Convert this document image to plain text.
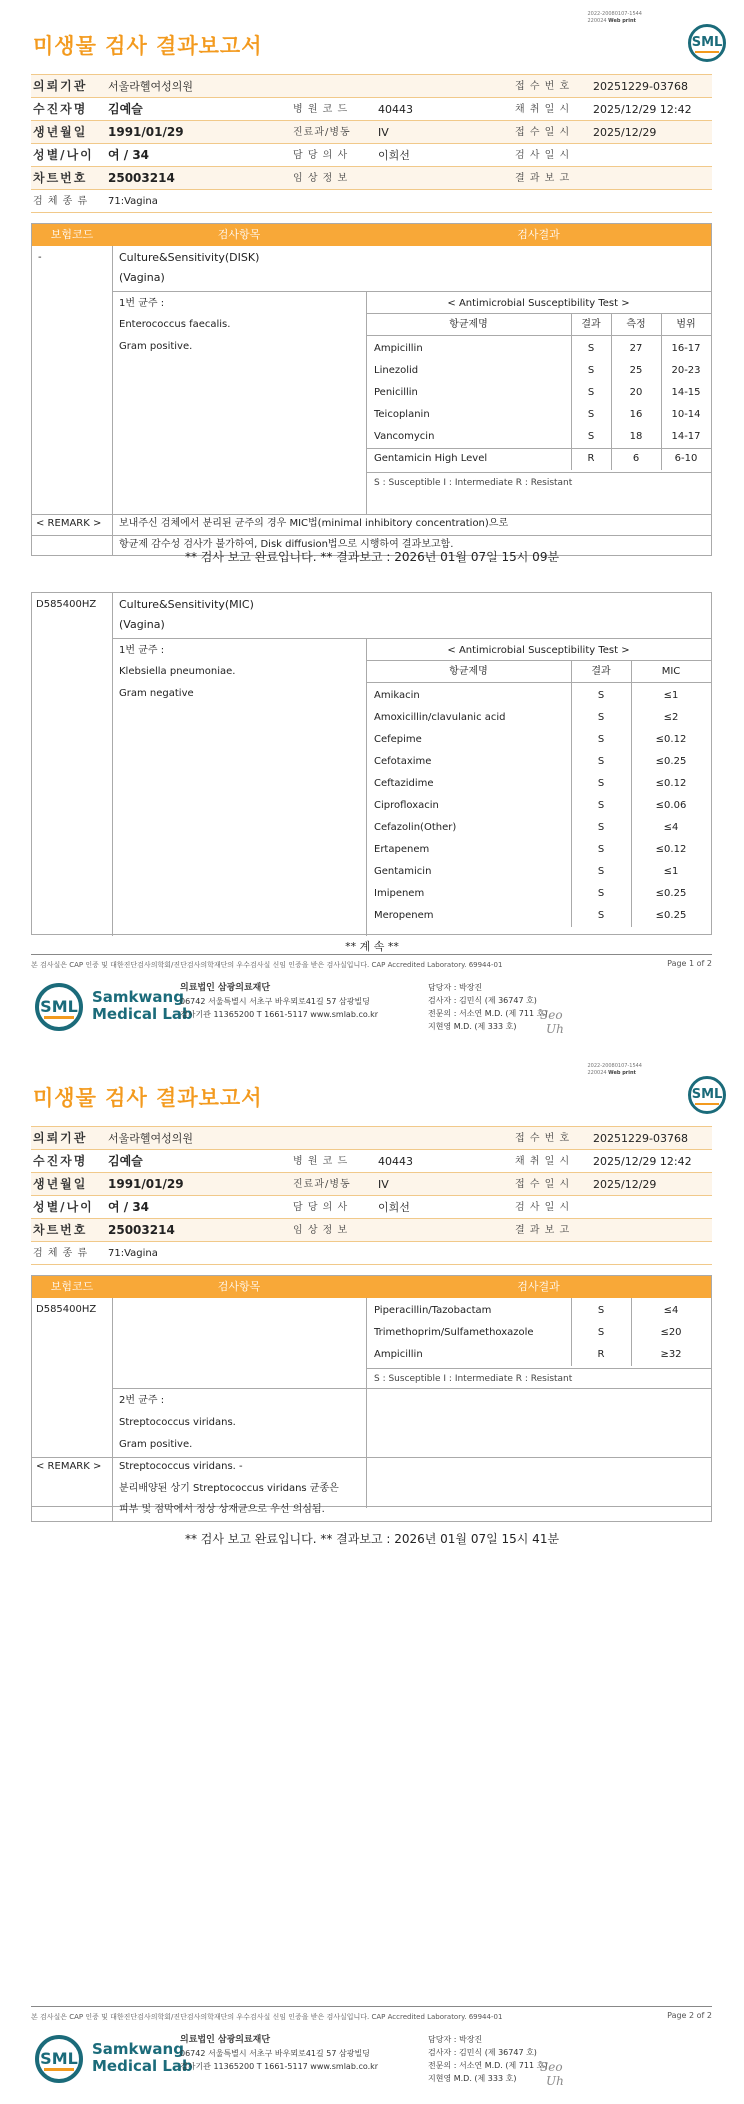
2022-20080107-1544
220024 Web print
미생물 검사 결과보고서	SML
의뢰기관 서울라헬여성의원	접 수 번 호 20251229-03768
수진자명 김예슬	병 원 코 드	40443	채 취 일 시 2025/12/29 12:42
생년월일 1991/01/29	진료과/병동 IV	접 수 일 시 2025/12/29
성별/나이 여 / 34	담 당 의 사	이희선	검 사 일 시
차트번호 25003214	임 상 정 보	결 과 보 고
검 체 종 류 71:Vagina
보험코드	검사항목	검사결과
-	Culture&Sensitivity(DISK)
(Vagina)
1번 균주 :
Enterococcus faecalis.
Gram positive.
< Antimicrobial Susceptibility Test >
항균제명	결과	측정	범위
Ampicillin	S	27	16-17
Linezolid	S	25	20-23
Penicillin	S	20	14-15
Teicoplanin	S	16	10-14
Vancomycin	S	18	14-17
Gentamicin High Level	R	6	6-10
S : Susceptible I : Intermediate R : Resistant
< REMARK > 보내주신 검체에서 분리된 균주의 경우 MIC법(minimal inhibitory concentration)으로
항균제 감수성 검사가 불가하여, Disk diffusion법으로 시행하여 결과보고함.
** 검사 보고 완료입니다. ** 결과보고 : 2026년 01월 07일 15시 09분
D585400HZ Culture&Sensitivity(MIC)
(Vagina)
1번 균주 :
Klebsiella pneumoniae.
Gram negative
< Antimicrobial Susceptibility Test >
항균제명	결과	MIC
Amikacin	S	≤1
Amoxicillin/clavulanic acid	S	≤2
Cefepime	S	≤0.12
Cefotaxime	S	≤0.25
Ceftazidime	S	≤0.12
Ciprofloxacin	S	≤0.06
Cefazolin(Other)	S	≤4
Ertapenem	S	≤0.12
Gentamicin	S	≤1
Imipenem	S	≤0.25
Meropenem	S	≤0.25
** 계 속 **
본 검사실은 CAP 인증 및 대한진단검사의학회/진단검사의학재단의 우수검사실 신임 인증을 받은 검사실입니다. CAP Accredited Laboratory. 69944-01	Page 1 of 2
SML Samkwang
Medical Lab
의료법인 삼광의료재단
06742 서울특별시 서초구 바우뫼로41길 57 삼광빌딩
검사기관 11365200 T 1661-5117 www.smlab.co.kr
담당자 : 박장진
검사자 : 김민식 (제 36747 호)
전문의 : 서소연 M.D. (제 711 호)
지현영 M.D. (제 333 호)
Seo
Uh
2022-20080107-1544
220024 Web print
미생물 검사 결과보고서	SML
의뢰기관 서울라헬여성의원	접 수 번 호 20251229-03768
수진자명 김예슬	병 원 코 드	40443	채 취 일 시 2025/12/29 12:42
생년월일 1991/01/29	진료과/병동 IV	접 수 일 시 2025/12/29
성별/나이 여 / 34	담 당 의 사	이희선	검 사 일 시
차트번호 25003214	임 상 정 보	결 과 보 고
검 체 종 류 71:Vagina
보험코드	검사항목	검사결과
D585400HZ	Piperacillin/Tazobactam	S	≤4
Trimethoprim/Sulfamethoxazole	S	≤20
Ampicillin	R	≥32
S : Susceptible I : Intermediate R : Resistant
2번 균주 :
Streptococcus viridans.
Gram positive.
< REMARK > Streptococcus viridans. -
분리배양된 상기 Streptococcus viridans 균종은
피부 및 점막에서 정상 상재균으로 우선 의심됨.
** 검사 보고 완료입니다. ** 결과보고 : 2026년 01월 07일 15시 41분
본 검사실은 CAP 인증 및 대한진단검사의학회/진단검사의학재단의 우수검사실 신임 인증을 받은 검사실입니다. CAP Accredited Laboratory. 69944-01	Page 2 of 2
SML Samkwang
Medical Lab
의료법인 삼광의료재단
06742 서울특별시 서초구 바우뫼로41길 57 삼광빌딩
검사기관 11365200 T 1661-5117 www.smlab.co.kr
담당자 : 박장진
검사자 : 김민식 (제 36747 호)
전문의 : 서소연 M.D. (제 711 호)
지현영 M.D. (제 333 호)
Seo
Uh
